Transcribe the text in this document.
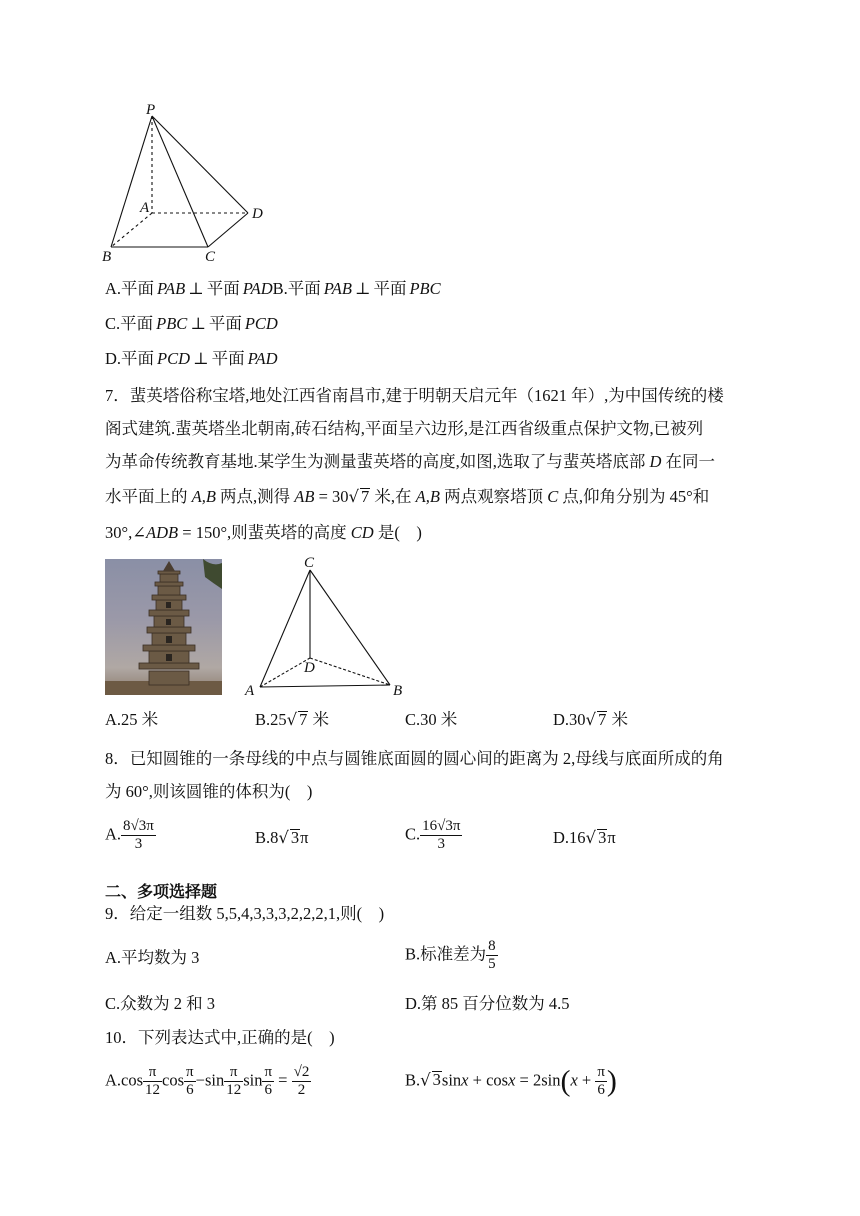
P
A
B	C
D
A.平面 PAB ⊥ 平面 PADB.平面 PAB ⊥ 平面 PBC
C.平面 PBC ⊥ 平面 PCD
D.平面 PCD ⊥ 平面 PAD
7．蜚英塔俗称宝塔,地处江西省南昌市,建于明朝天启元年（1621 年）,为中国传统的楼
阁式建筑.蜚英塔坐北朝南,砖石结构,平面呈六边形,是江西省级重点保护文物,已被列
为革命传统教育基地.某学生为测量蜚英塔的高度,如图,选取了与蜚英塔底部 D 在同一
水平面上的 A,B 两点,测得 AB = 30√ 7 米,在 A,B 两点观察塔顶 C 点,仰角分别为 45°和
30°,∠ADB = 150°,则蜚英塔的高度 CD 是(　)
C
D
A	B
A.25 米	B.25√ 7 米	C.30 米	D.30√ 7 米
8．已知圆锥的一条母线的中点与圆锥底面圆的圆心间的距离为 2,母线与底面所成的角
为 60°,则该圆锥的体积为(　)
A. $\frac{8√3\pi}{3}$	B.8√ 3π	C. $\frac{16√3\pi}{3}$	D.16√ 3π
二、多项选择题
9．给定一组数 5,5,4,3,3,3,2,2,2,1,则(　)
A.平均数为 3	B.标准差为 $\frac{8}{5}$
C.众数为 2 和 3	D.第 85 百分位数为 4.5
10．下列表达式中,正确的是(　)
$A.\cos \frac{\pi}{12}$ $\cos \frac{\pi}{6} -\sin \frac{\pi}{12}$ $\sin \frac{\pi}{6} = \frac{√2}{2}$	B.√ $3\sin x + \cos x = 2\sin(x + \frac{\pi}{6}$ )
